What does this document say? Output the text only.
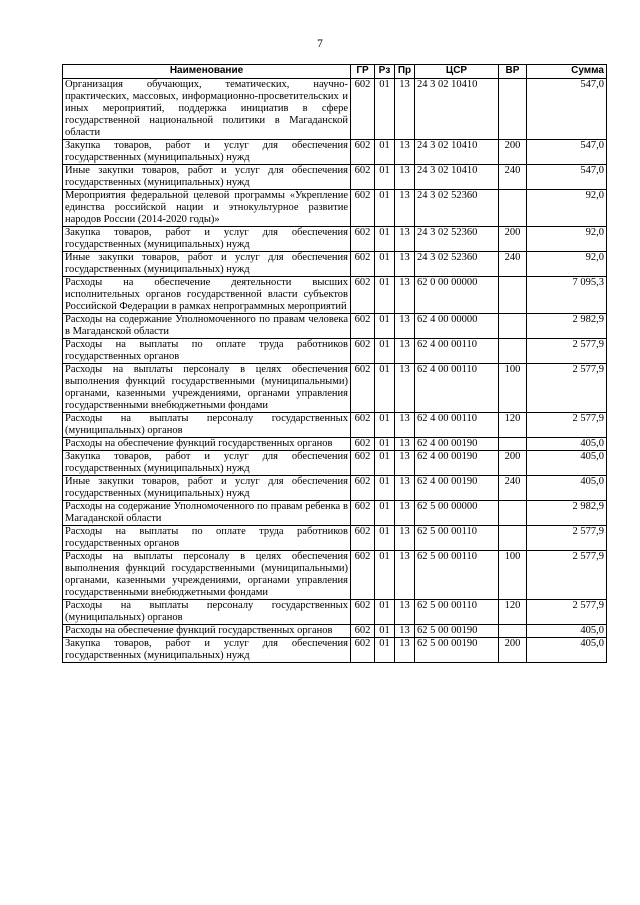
7
Наименование	ГР	Рз	Пр	ЦСР	ВР	Сумма
Организация обучающих, тематических, научно-практических, массовых, информационно-просветительских и иных мероприятий, поддержка инициатив в сфере государственной национальной политики в Магаданской области	602	01	13	24 3 02 10410		547,0
Закупка товаров, работ и услуг для обеспечения государственных (муниципальных) нужд	602	01	13	24 3 02 10410	200	547,0
Иные закупки товаров, работ и услуг для обеспечения государственных (муниципальных) нужд	602	01	13	24 3 02 10410	240	547,0
Мероприятия федеральной целевой программы «Укрепление единства российской нации и этнокультурное развитие народов России (2014-2020 годы)»	602	01	13	24 3 02 52360		92,0
Закупка товаров, работ и услуг для обеспечения государственных (муниципальных) нужд	602	01	13	24 3 02 52360	200	92,0
Иные закупки товаров, работ и услуг для обеспечения государственных (муниципальных) нужд	602	01	13	24 3 02 52360	240	92,0
Расходы на обеспечение деятельности высших исполнительных органов государственной власти субъектов Российской Федерации в рамках непрограммных мероприятий	602	01	13	62 0 00 00000		7 095,3
Расходы на содержание Уполномоченного по правам человека в Магаданской области	602	01	13	62 4 00 00000		2 982,9
Расходы на выплаты по оплате труда работников государственных органов	602	01	13	62 4 00 00110		2 577,9
Расходы на выплаты персоналу в целях обеспечения выполнения функций государственными (муниципальными) органами, казенными учреждениями, органами управления государственными внебюджетными фондами	602	01	13	62 4 00 00110	100	2 577,9
Расходы на выплаты персоналу государственных (муниципальных) органов	602	01	13	62 4 00 00110	120	2 577,9
Расходы на обеспечение функций государственных органов	602	01	13	62 4 00 00190		405,0
Закупка товаров, работ и услуг для обеспечения государственных (муниципальных) нужд	602	01	13	62 4 00 00190	200	405,0
Иные закупки товаров, работ и услуг для обеспечения государственных (муниципальных) нужд	602	01	13	62 4 00 00190	240	405,0
Расходы на содержание Уполномоченного по правам ребенка в Магаданской области	602	01	13	62 5 00 00000		2 982,9
Расходы на выплаты по оплате труда работников государственных органов	602	01	13	62 5 00 00110		2 577,9
Расходы на выплаты персоналу в целях обеспечения выполнения функций государственными (муниципальными) органами, казенными учреждениями, органами управления государственными внебюджетными фондами	602	01	13	62 5 00 00110	100	2 577,9
Расходы на выплаты персоналу государственных (муниципальных) органов	602	01	13	62 5 00 00110	120	2 577,9
Расходы на обеспечение функций государственных органов	602	01	13	62 5 00 00190		405,0
Закупка товаров, работ и услуг для обеспечения государственных (муниципальных) нужд	602	01	13	62 5 00 00190	200	405,0
